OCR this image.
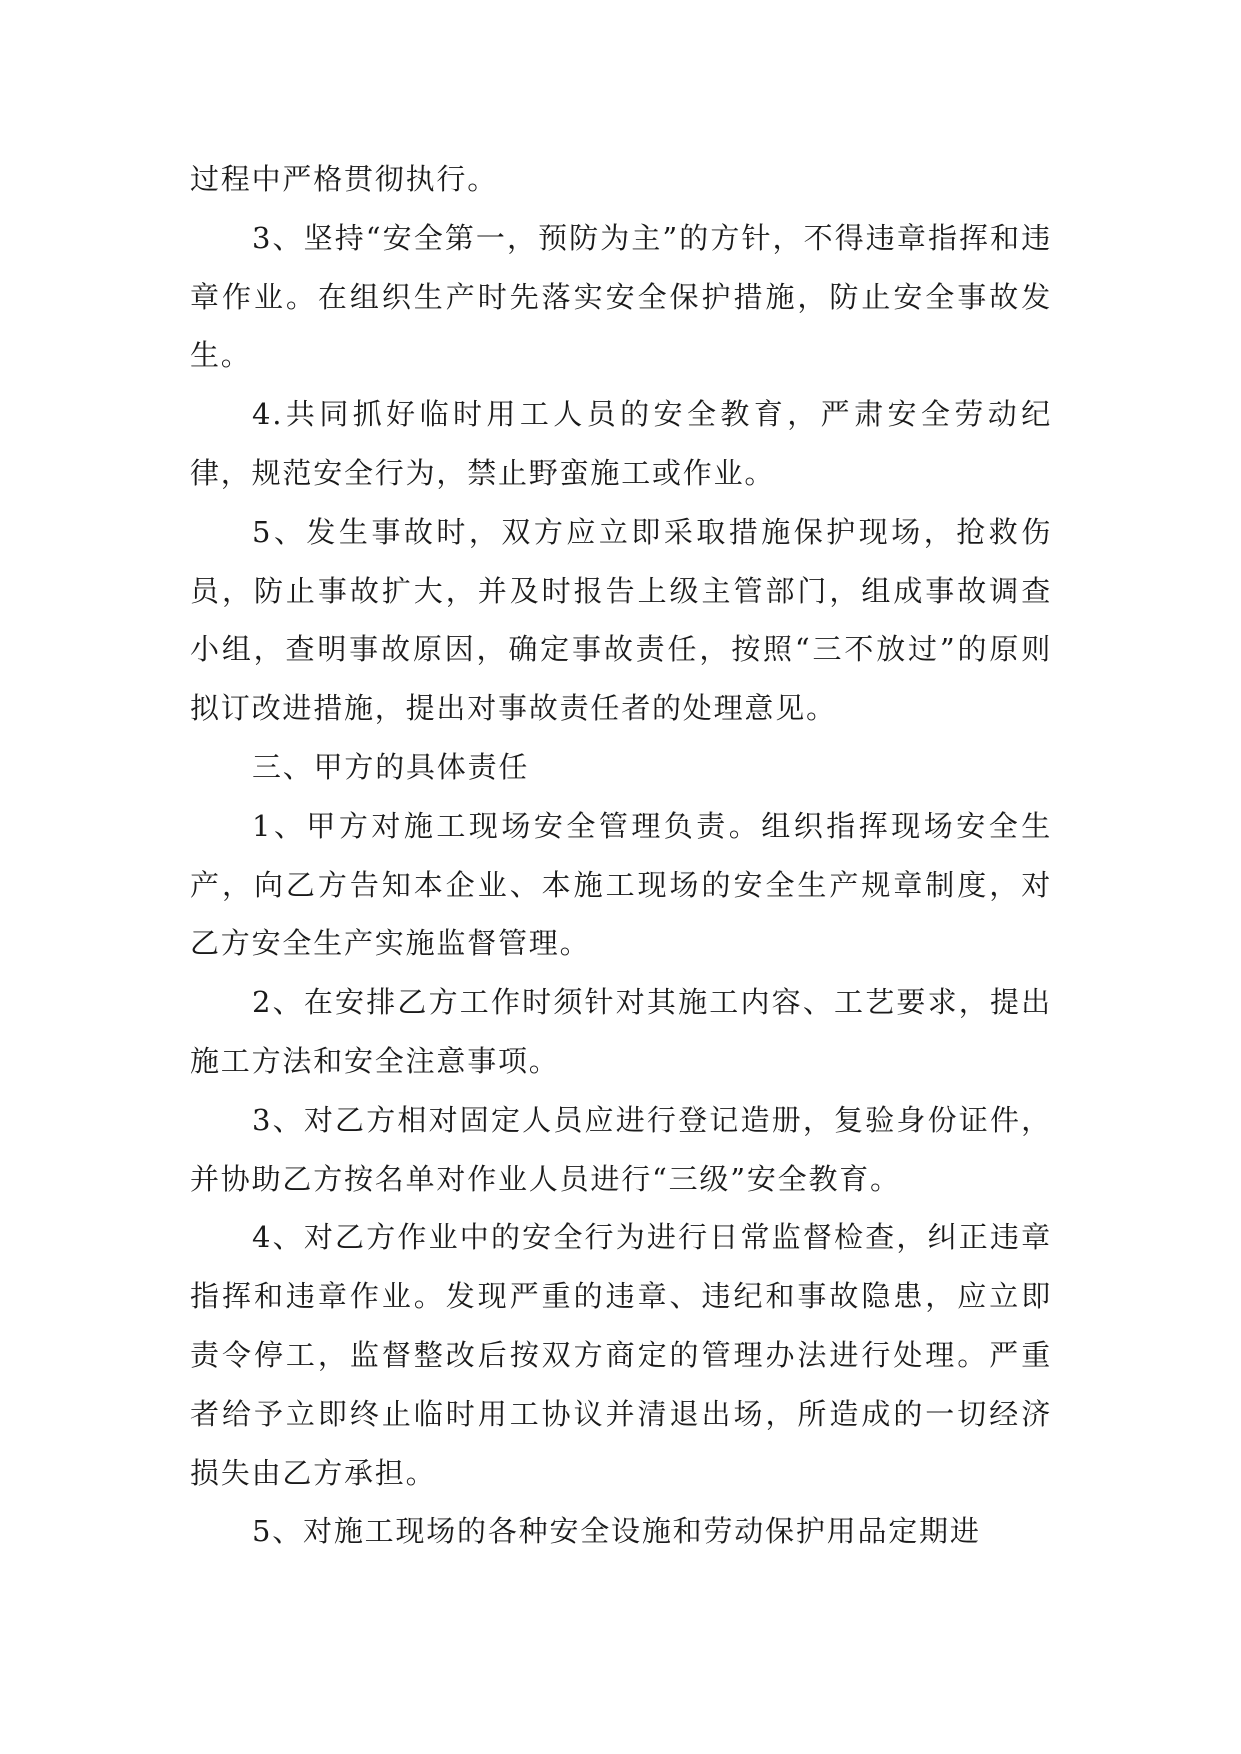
过程中严格贯彻执行。

3、坚持“安全第一，预防为主”的方针，不得违章指挥和违章作业。在组织生产时先落实安全保护措施，防止安全事故发生。

4.共同抓好临时用工人员的安全教育，严肃安全劳动纪律，规范安全行为，禁止野蛮施工或作业。

5、发生事故时，双方应立即采取措施保护现场，抢救伤员，防止事故扩大，并及时报告上级主管部门，组成事故调查小组，查明事故原因，确定事故责任，按照“三不放过”的原则拟订改进措施，提出对事故责任者的处理意见。

三、甲方的具体责任

1、甲方对施工现场安全管理负责。组织指挥现场安全生产，向乙方告知本企业、本施工现场的安全生产规章制度，对乙方安全生产实施监督管理。

2、在安排乙方工作时须针对其施工内容、工艺要求，提出施工方法和安全注意事项。

3、对乙方相对固定人员应进行登记造册，复验身份证件，并协助乙方按名单对作业人员进行“三级”安全教育。

4、对乙方作业中的安全行为进行日常监督检查，纠正违章指挥和违章作业。发现严重的违章、违纪和事故隐患，应立即责令停工，监督整改后按双方商定的管理办法进行处理。严重者给予立即终止临时用工协议并清退出场，所造成的一切经济损失由乙方承担。

5、对施工现场的各种安全设施和劳动保护用品定期进
